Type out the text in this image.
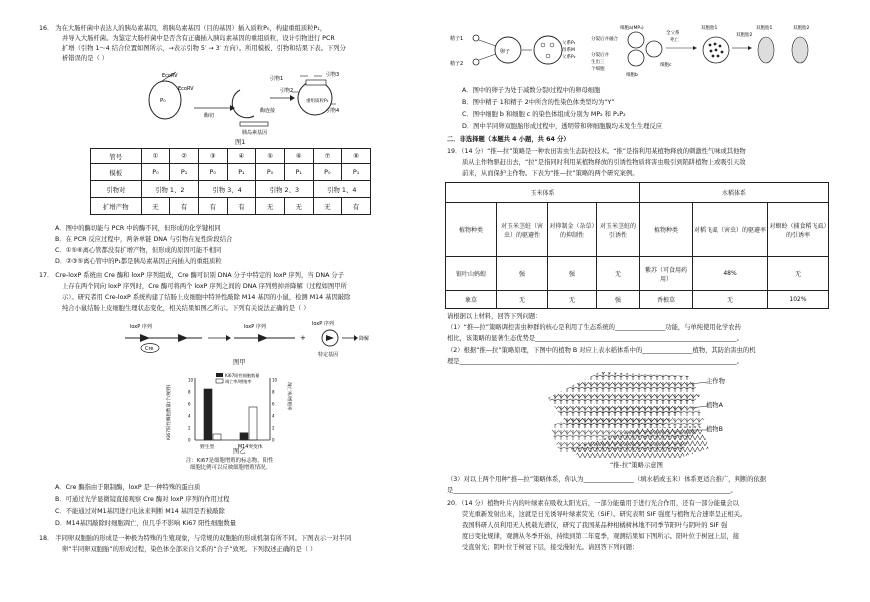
16． 为在大肠杆菌中表达人的胰岛素基因，将胰岛素基因（目的基因）插入质粒P₀，构建重组质粒P₁，
并导入大肠杆菌。为鉴定大肠杆菌中是否含有正确插入胰岛素基因的重组质粒，设计引物进行 PCR
扩增（引物 1～4 结合位置如图所示，→表示引物 5′ → 3′ 方向）。所用模板、引物和结果下表。下列分
析错误的是（ ）
EcoRV
EcoRV
P₀
酶切
酶连接
胰岛素基因
引物1
引物2
引物3
引物4
重组质粒P₁
图1
管号	①	②	③	④	⑤	⑥	⑦	⑧
模板	P₀	P₁	P₀	P₁	P₀	P₁	P₀	P₁
引物对	引物 1、2		引物 3、4		引物 2、3		引物 1、4	
扩增产物	无	有	有	有	无	无	无	有
A．图中的酶切能与 PCR 中的酶不同，但形成的化学键相同
B．在 PCR 反应过程中，两条单链 DNA 与引物在复性阶段结合
C．①⑤⑥离心管都没有扩增产物，但形成的原因可能不相同
D．②③⑤离心管中的P₁都是胰岛素基因正向插入的重组质粒
17． Cre-loxP 系统由 Cre 酶和 loxP 序列组成，Cre 酶可识别 DNA 分子中特定的 loxP 序列，当 DNA 分子
上存在两个同向 loxP 序列时，Cre 酶可将两个 loxP 序列之间的 DNA 序列剪掉并降解（过程如图甲所
示）。研究者用 Cre-loxP 系统构建了结肠上皮细胞中特异性敲除 M14 基因的小鼠，检测 M14 基因敲除
纯合小鼠结肠上皮细胞生理状态变化，相关结果如图乙所示。下列有关说法正确的是（ ）
Cre
loxP 序列	loxP 序列
+
loxP 序列
特定基因
降解
图甲
Ki67阳性细胞数量
凋亡率/增殖率
Ki67阳性细胞数量(个/视野)	凋亡率/增殖率
野生型	M14突变体
0	0
2	2
4	4
6	6
8	8
10	10
图乙
注：Ki67是细胞增殖的标志物，阳性
细胞比例可以反映细胞增殖情况。
A．Cre 酶指由于限制酶，loxP 是一种特殊的蛋白质
B．可通过光学显微镜直接观察 Cre 酶对 loxP 序列的作用过程
C．不能通过对M1基因进行电泳来判断 M14 基因是否被敲除
D．M14基因敲除时细胞凋亡，但几乎不影响 Ki67 阳性细胞数量
18． 半同卵双胞胎的形成是一种极为特殊的生殖现象，与常规的双胞胎的形成机制有所不同。下图表示一对半同
卵“半同卵双胞胎”的形成过程，染色体全部来自父系的“合子”致死。下列叙述正确的是（ ）
精子1
精子2
卵子
父系P₁
母系M
父系P₂
分裂后并融合
分裂后并
生出三
个细胞
细胞a(MP₁)
细胞b
细胞c
全父系
死亡
双胞胎1
双胞胎2
双胞胎1	双胞胎2
A．图中的卵子为处于减数分裂Ⅰ过程中的卵母细胞
B．图中精子 1和精子 2中所含的性染色体类型均为“Y”
C．图中细胞 b 和细胞 c 的染色体组成分别为 MP₂ 和 P₁P₂
D．图中半同卵双胞胎形成过程中，透明带和卵细胞膜均未发生生理反应
二．非选择题（本题共 4 小题，共 64 分）
19．（14 分）“推—拉”策略是一种农田害虫生态防控技术。“推”是指利用某植物释放的刺激性气味或其他物
质从主作物驱赶出去，“拉”是指同时利用某植物释放的引诱性物质将害虫吸引到陷阱植物上或吸引天敌
前来，从而保护主作物。下表为“推—拉”策略的两个研究案例。
玉米体系				水稻体系		
植物种类	对玉米茎蛀（害虫）的驱避性	对抑制金（杂草）的抑制性	对玉米茎蛀的引诱性	植物种类	对稻飞虱（害虫）的驱避率	对螟蛉（捕食稻飞虱）的引诱率
银叶山蚂蝗	强	强	无	紫苏（可食用药用）	48%	无
象草	无	无	强	香根草	无	102%
请根据以上材料，回答下列问题：
（1）“推—拉”策略调控害虫种群的核心是利用了生态系统的________________功能，与单纯使用化学农药
相比，该策略的显著生态优势是________________________________________________________________。
（2）根据“推—拉”策略原理，下图中的植物 B 对应上表水稻体系中的________________植物，其防治害虫的机
理是________________________________________________________________________________________。
主作物
植物A
植物B
“推-拉”策略示意图
（3）对以上两个用种“推—拉”策略体系，你认为________________（填水稻或玉米）体系更适合推广，判断的依据
是________________________________________________________________________________________。
20．（14 分）植物叶片内的叶绿素在吸收太阳光后，一部分能量用于进行光合作用，还有一部分能量会以
荧光重新发射出来，这就是日光诱导叶绿素荧光（SIF）。研究表明 SIF 强度与植物光合速率呈正相关。
我国科研人员利用无人机载光谱仪，研究了我国某品种柑橘树林地不同季节阳叶与阴叶的 SIF 强
度日变化规律，观测从冬季开始，持续到第二年夏季，观测结果如下图所示。阳叶位于树冠上层，接
受直射光；阴叶位于树冠下层，接受漫射光。请回答下列问题：
